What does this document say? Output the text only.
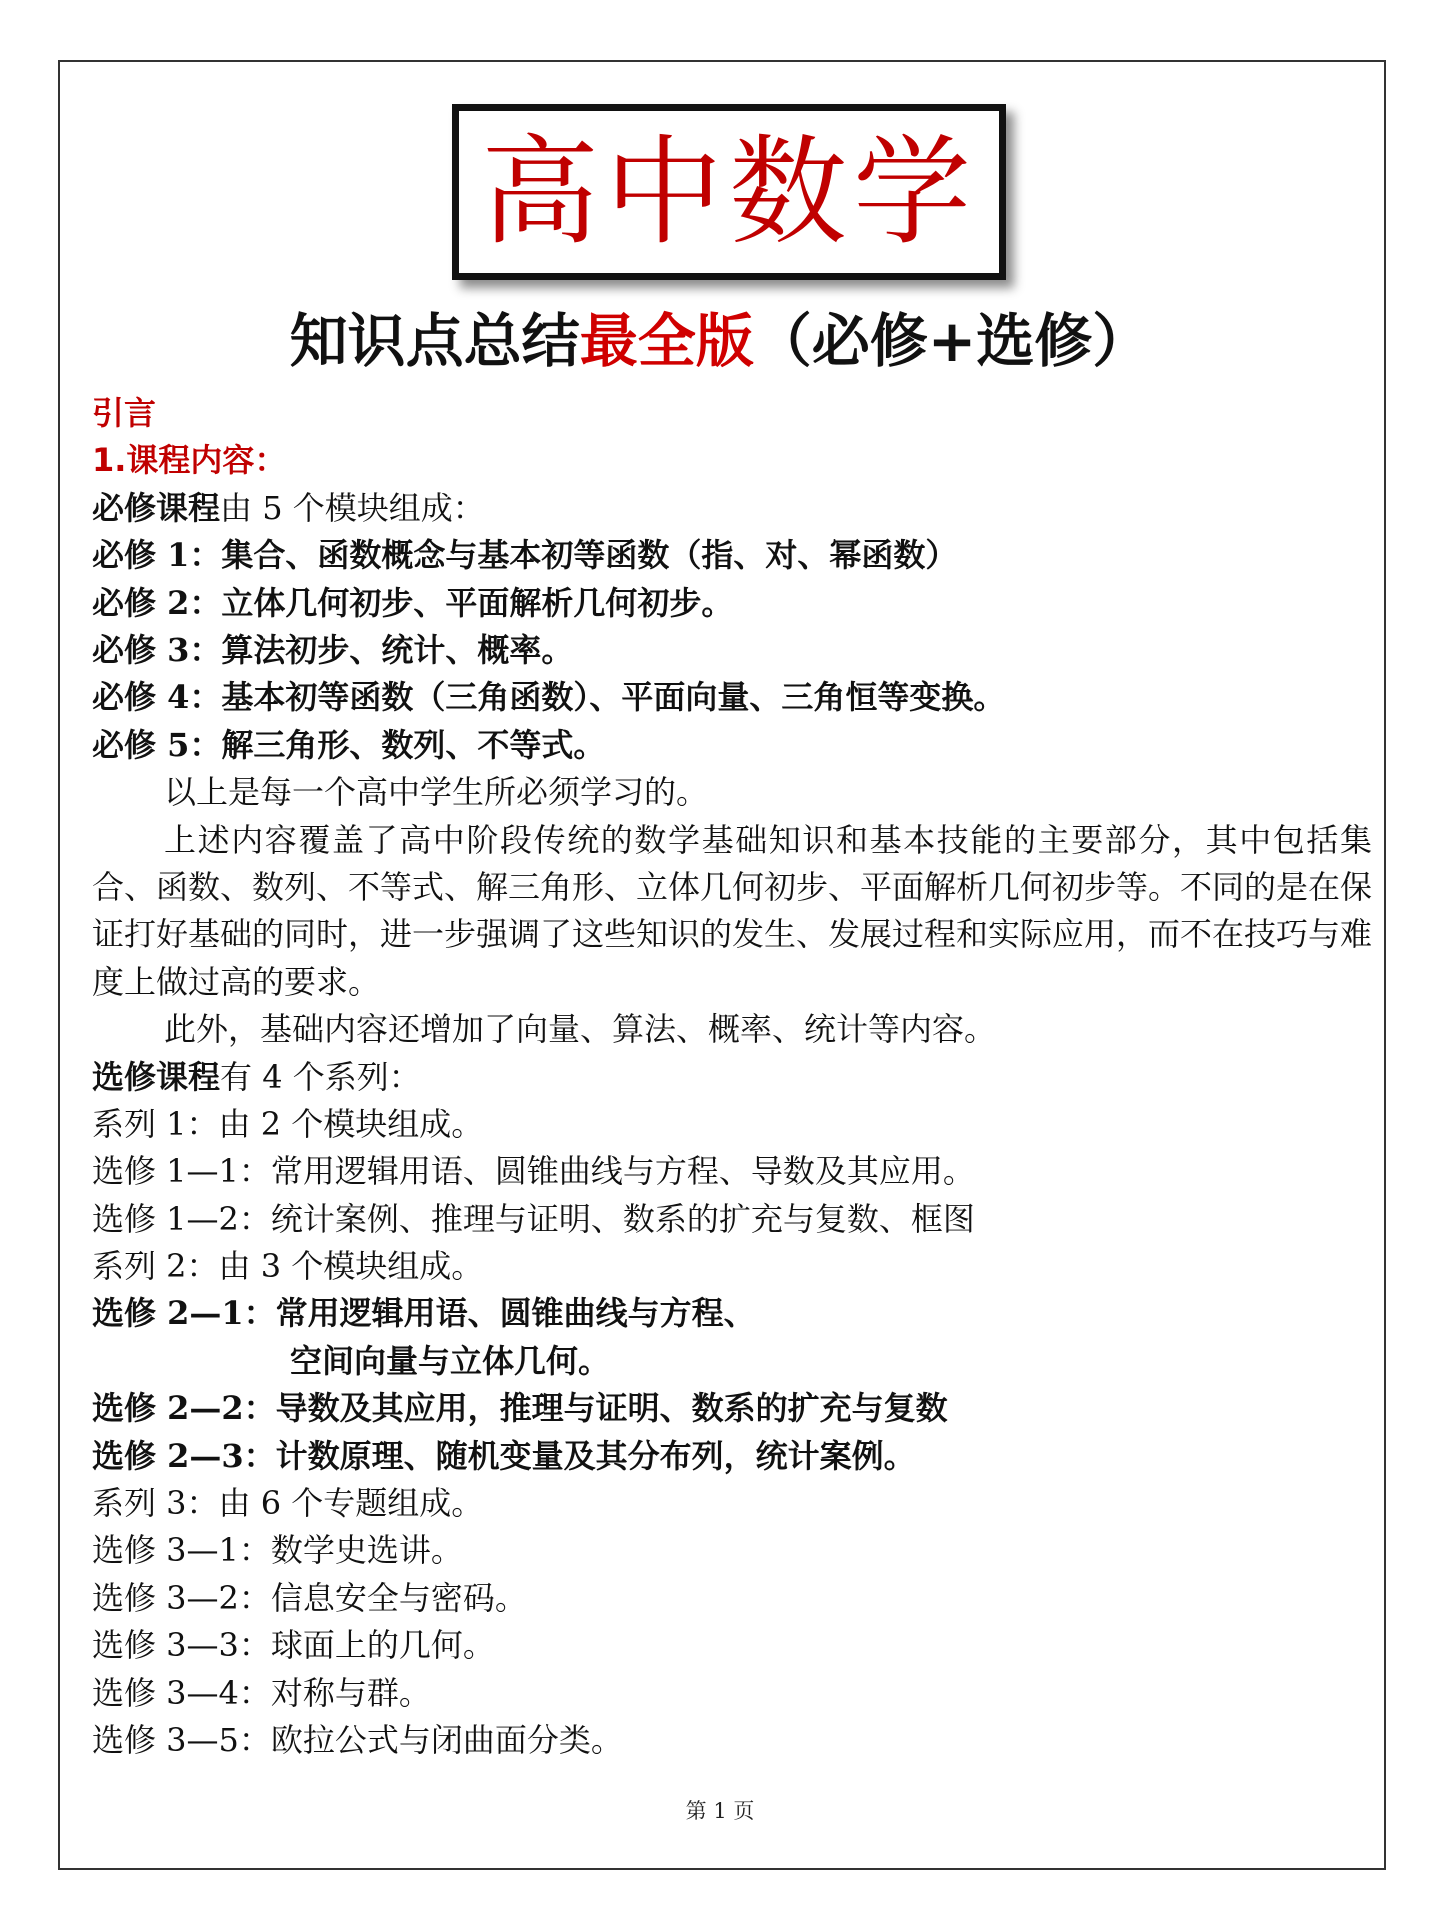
高中数学
知识点总结最全版（必修+选修）
引言
1.课程内容：
必修课程由 5 个模块组成：
必修 1：集合、函数概念与基本初等函数（指、对、幂函数）
必修 2：立体几何初步、平面解析几何初步。
必修 3：算法初步、统计、概率。
必修 4：基本初等函数（三角函数）、平面向量、三角恒等变换。
必修 5：解三角形、数列、不等式。
以上是每一个高中学生所必须学习的。
上述内容覆盖了高中阶段传统的数学基础知识和基本技能的主要部分，其中包括集合、函数、数列、不等式、解三角形、立体几何初步、平面解析几何初步等。不同的是在保证打好基础的同时，进一步强调了这些知识的发生、发展过程和实际应用，而不在技巧与难度上做过高的要求。
此外，基础内容还增加了向量、算法、概率、统计等内容。
选修课程有 4 个系列：
系列 1：由 2 个模块组成。
选修 1—1：常用逻辑用语、圆锥曲线与方程、导数及其应用。
选修 1—2：统计案例、推理与证明、数系的扩充与复数、框图
系列 2：由 3 个模块组成。
选修 2—1：常用逻辑用语、圆锥曲线与方程、
空间向量与立体几何。
选修 2—2：导数及其应用，推理与证明、数系的扩充与复数
选修 2—3：计数原理、随机变量及其分布列，统计案例。
系列 3：由 6 个专题组成。
选修 3—1：数学史选讲。
选修 3—2：信息安全与密码。
选修 3—3：球面上的几何。
选修 3—4：对称与群。
选修 3—5：欧拉公式与闭曲面分类。
第 1 页
